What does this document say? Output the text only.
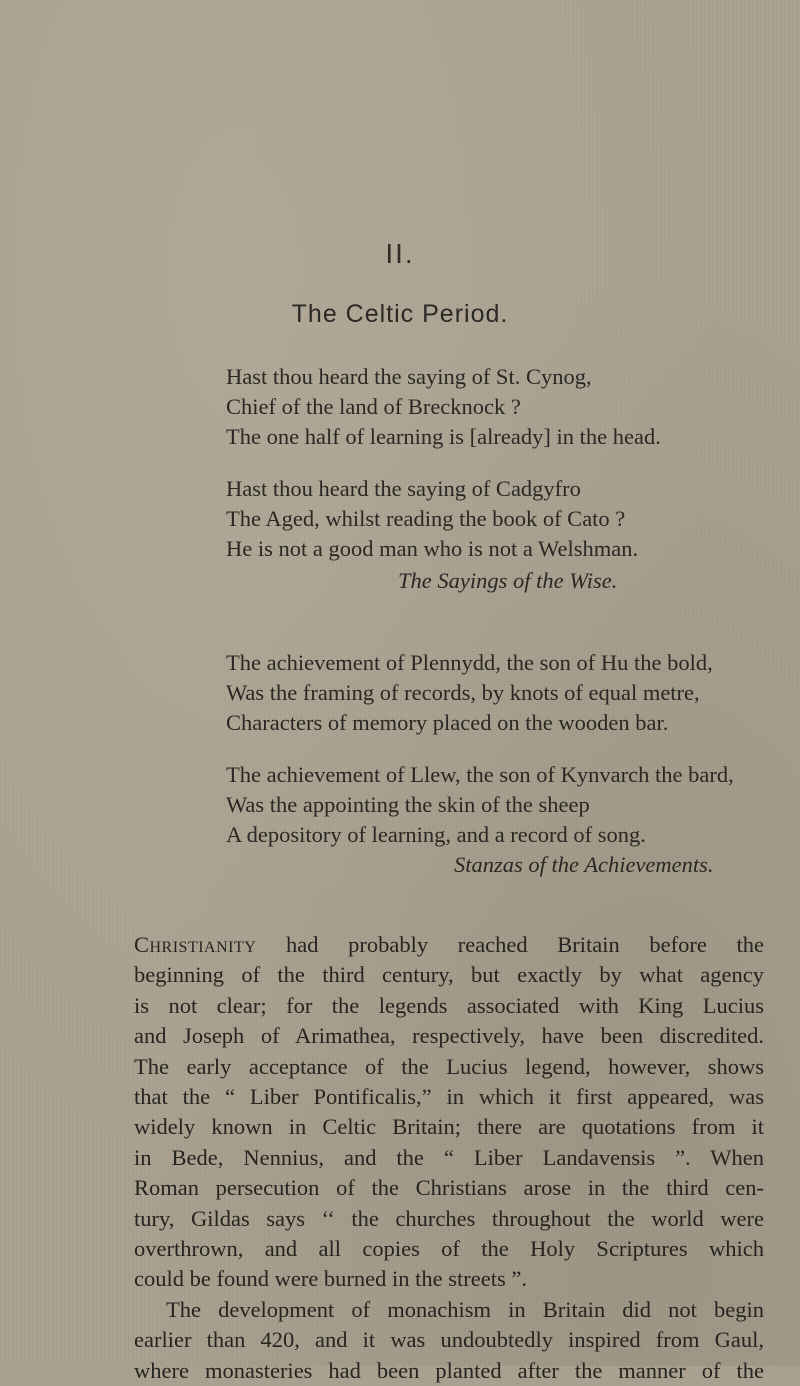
II.
The Celtic Period.
Hast thou heard the saying of St. Cynog,
Chief of the land of Brecknock ?
The one half of learning is [already] in the head.
Hast thou heard the saying of Cadgyfro
The Aged, whilst reading the book of Cato ?
He is not a good man who is not a Welshman.
The Sayings of the Wise.
The achievement of Plennydd, the son of Hu the bold,
Was the framing of records, by knots of equal metre,
Characters of memory placed on the wooden bar.
The achievement of Llew, the son of Kynvarch the bard,
Was the appointing the skin of the sheep
A depository of learning, and a record of song.
Stanzas of the Achievements.
Christianity had probably reached Britain before the
beginning of the third century, but exactly by what agency
is not clear; for the legends associated with King Lucius
and Joseph of Arimathea, respectively, have been discredited.
The early acceptance of the Lucius legend, however, shows
that the “ Liber Pontificalis,” in which it first appeared, was
widely known in Celtic Britain; there are quotations from it
in Bede, Nennius, and the “ Liber Landavensis ”. When
Roman persecution of the Christians arose in the third cen-
tury, Gildas says ‘‘ the churches throughout the world were
overthrown, and all copies of the Holy Scriptures which
could be found were burned in the streets ”.
The development of monachism in Britain did not begin
earlier than 420, and it was undoubtedly inspired from Gaul,
where monasteries had been planted after the manner of the
